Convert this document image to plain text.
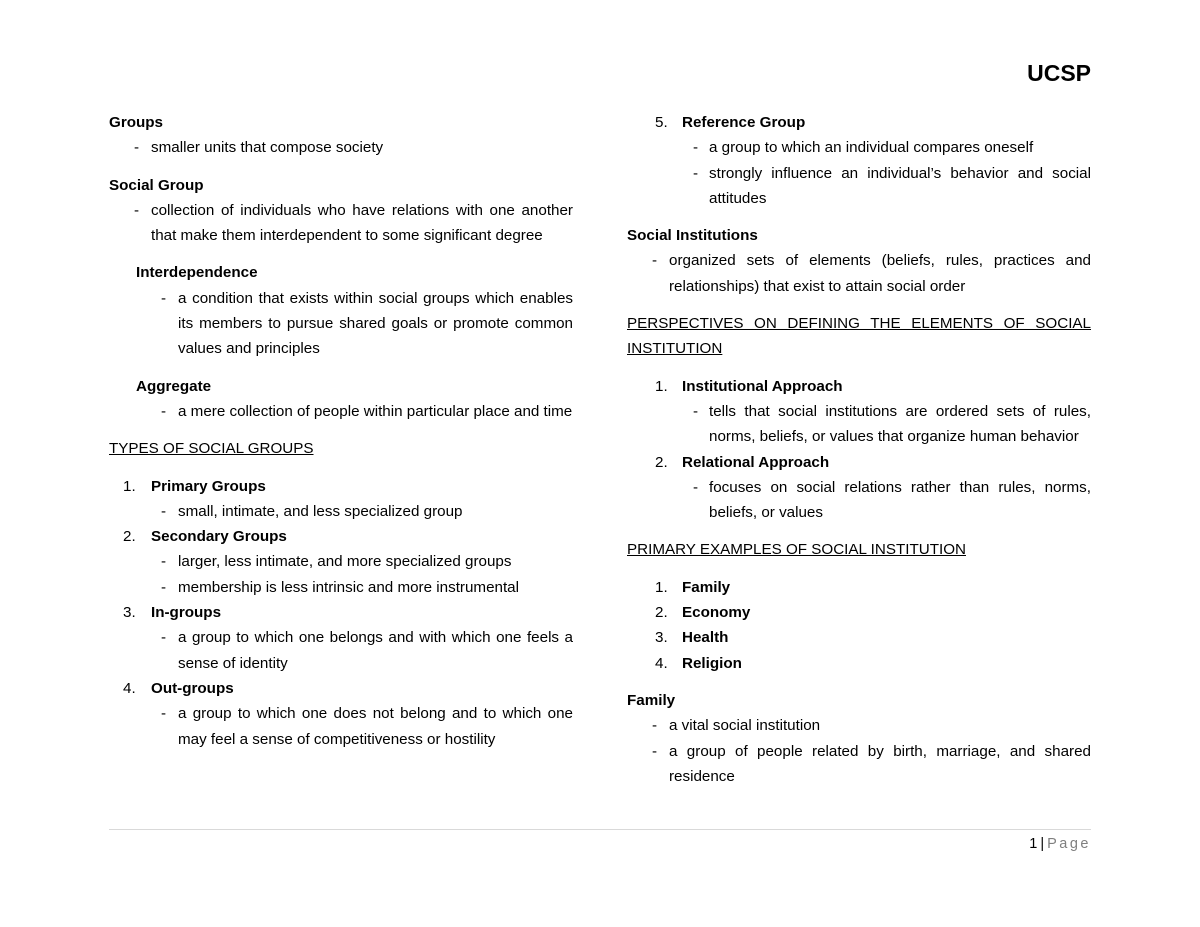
UCSP
Groups
- smaller units that compose society
Social Group
- collection of individuals who have relations with one another that make them interdependent to some significant degree
Interdependence
- a condition that exists within social groups which enables its members to pursue shared goals or promote common values and principles
Aggregate
- a mere collection of people within particular place and time
TYPES OF SOCIAL GROUPS
1. Primary Groups
- small, intimate, and less specialized group
2. Secondary Groups
- larger, less intimate, and more specialized groups
- membership is less intrinsic and more instrumental
3. In-groups
- a group to which one belongs and with which one feels a sense of identity
4. Out-groups
- a group to which one does not belong and to which one may feel a sense of competitiveness or hostility
5. Reference Group
- a group to which an individual compares oneself
- strongly influence an individual’s behavior and social attitudes
Social Institutions
- organized sets of elements (beliefs, rules, practices and relationships) that exist to attain social order
PERSPECTIVES ON DEFINING THE ELEMENTS OF SOCIAL
INSTITUTION
1. Institutional Approach
- tells that social institutions are ordered sets of rules, norms, beliefs, or values that organize human behavior
2. Relational Approach
- focuses on social relations rather than rules, norms, beliefs, or values
PRIMARY EXAMPLES OF SOCIAL INSTITUTION
1. Family
2. Economy
3. Health
4. Religion
Family
- a vital social institution
- a group of people related by birth, marriage, and shared residence
1 | Page
